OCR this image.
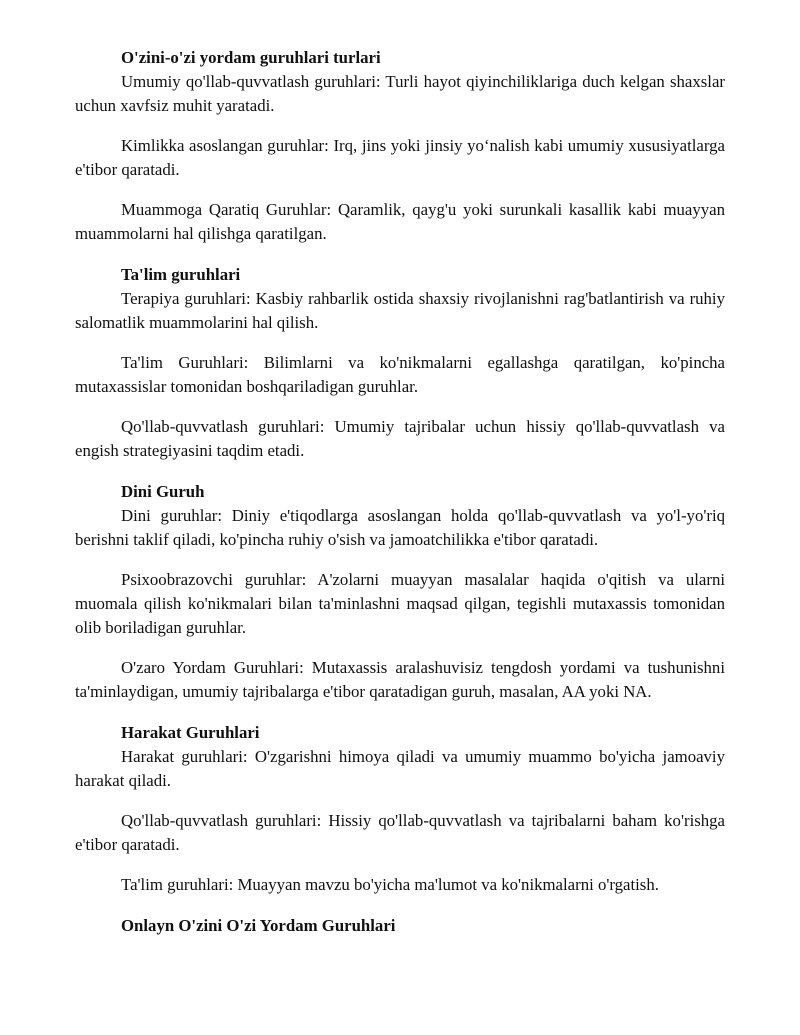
O'zini-o'zi yordam guruhlari turlari

Umumiy qo'llab-quvvatlash guruhlari: Turli hayot qiyinchiliklariga duch kelgan shaxslar uchun xavfsiz muhit yaratadi.

Kimlikka asoslangan guruhlar: Irq, jins yoki jinsiy yo‘nalish kabi umumiy xususiyatlarga e'tibor qaratadi.

Muammoga Qaratiq Guruhlar: Qaramlik, qayg'u yoki surunkali kasallik kabi muayyan muammolarni hal qilishga qaratilgan.

Ta'lim guruhlari

Terapiya guruhlari: Kasbiy rahbarlik ostida shaxsiy rivojlanishni rag'batlantirish va ruhiy salomatlik muammolarini hal qilish.

Ta'lim Guruhlari: Bilimlarni va ko'nikmalarni egallashga qaratilgan, ko'pincha mutaxassislar tomonidan boshqariladigan guruhlar.

Qo'llab-quvvatlash guruhlari: Umumiy tajribalar uchun hissiy qo'llab-quvvatlash va engish strategiyasini taqdim etadi.

Dini Guruh

Dini guruhlar: Diniy e'tiqodlarga asoslangan holda qo'llab-quvvatlash va yo'l-yo'riq berishni taklif qiladi, ko'pincha ruhiy o'sish va jamoatchilikka e'tibor qaratadi.

Psixoobrazovchi guruhlar: A'zolarni muayyan masalalar haqida o'qitish va ularni muomala qilish ko'nikmalari bilan ta'minlashni maqsad qilgan, tegishli mutaxassis tomonidan olib boriladigan guruhlar.

O'zaro Yordam Guruhlari: Mutaxassis aralashuvisiz tengdosh yordami va tushunishni ta'minlaydigan, umumiy tajribalarga e'tibor qaratadigan guruh, masalan, AA yoki NA.

Harakat Guruhlari

Harakat guruhlari: O'zgarishni himoya qiladi va umumiy muammo bo'yicha jamoaviy harakat qiladi.

Qo'llab-quvvatlash guruhlari: Hissiy qo'llab-quvvatlash va tajribalarni baham ko'rishga e'tibor qaratadi.

Ta'lim guruhlari: Muayyan mavzu bo'yicha ma'lumot va ko'nikmalarni o'rgatish.

Onlayn O'zini O'zi Yordam Guruhlari
